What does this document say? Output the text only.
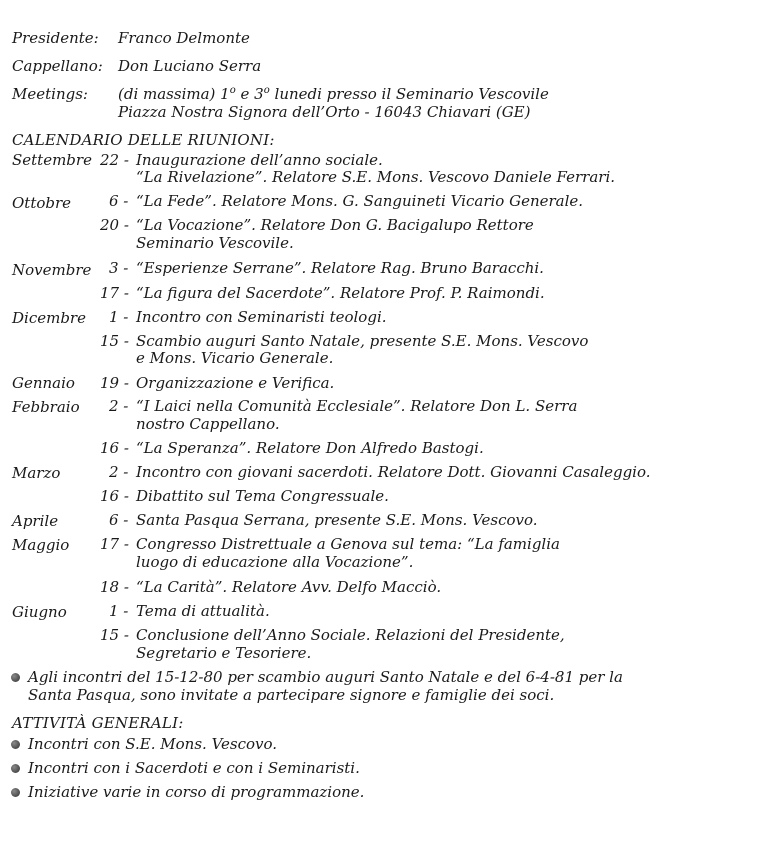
Presidente: Franco Delmonte
Cappellano: Don Luciano Serra
Meetings: (di massima) 1$^o$ e 3$^o$ lunedi presso il Seminario Vescovile
Piazza Nostra Signora dell’Orto - 16043 Chiavari (GE)
CALENDARIO DELLE RIUNIONI:
Settembre 22 - Inaugurazione dell’anno sociale.
“La Rivelazione”. Relatore S.E. Mons. Vescovo Daniele Ferrari.
Ottobre	6 - “La Fede”. Relatore Mons. G. Sanguineti Vicario Generale.
20 - “La Vocazione”. Relatore Don G. Bacigalupo Rettore
Seminario Vescovile.
Novembre 3 - “Esperienze Serrane”. Relatore Rag. Bruno Baracchi.
17 - “La figura del Sacerdote”. Relatore Prof. P. Raimondi.
Dicembre 1 - Incontro con Seminaristi teologi.
15 - Scambio auguri Santo Natale, presente S.E. Mons. Vescovo
e Mons. Vicario Generale.
Gennaio 19 - Organizzazione e Verifica.
Febbraio 2 - “I Laici nella Comunità Ecclesiale”. Relatore Don L. Serra
nostro Cappellano.
16 - “La Speranza”. Relatore Don Alfredo Bastogi.
Marzo	2 - Incontro con giovani sacerdoti. Relatore Dott. Giovanni Casaleggio.
16 - Dibattito sul Tema Congressuale.
Aprile	6 - Santa Pasqua Serrana, presente S.E. Mons. Vescovo.
Maggio 17 - Congresso Distrettuale a Genova sul tema: “La famiglia
luogo di educazione alla Vocazione”.
18 - “La Carità”. Relatore Avv. Delfo Macciò.
Giugno	1 - Tema di attualità.
15 - Conclusione dell’Anno Sociale. Relazioni del Presidente,
Segretario e Tesoriere.
Agli incontri del 15-12-80 per scambio auguri Santo Natale e del 6-4-81 per la
Santa Pasqua, sono invitate a partecipare signore e famiglie dei soci.
ATTIVITÀ GENERALI:
Incontri con S.E. Mons. Vescovo.
Incontri con i Sacerdoti e con i Seminaristi.
Iniziative varie in corso di programmazione.
